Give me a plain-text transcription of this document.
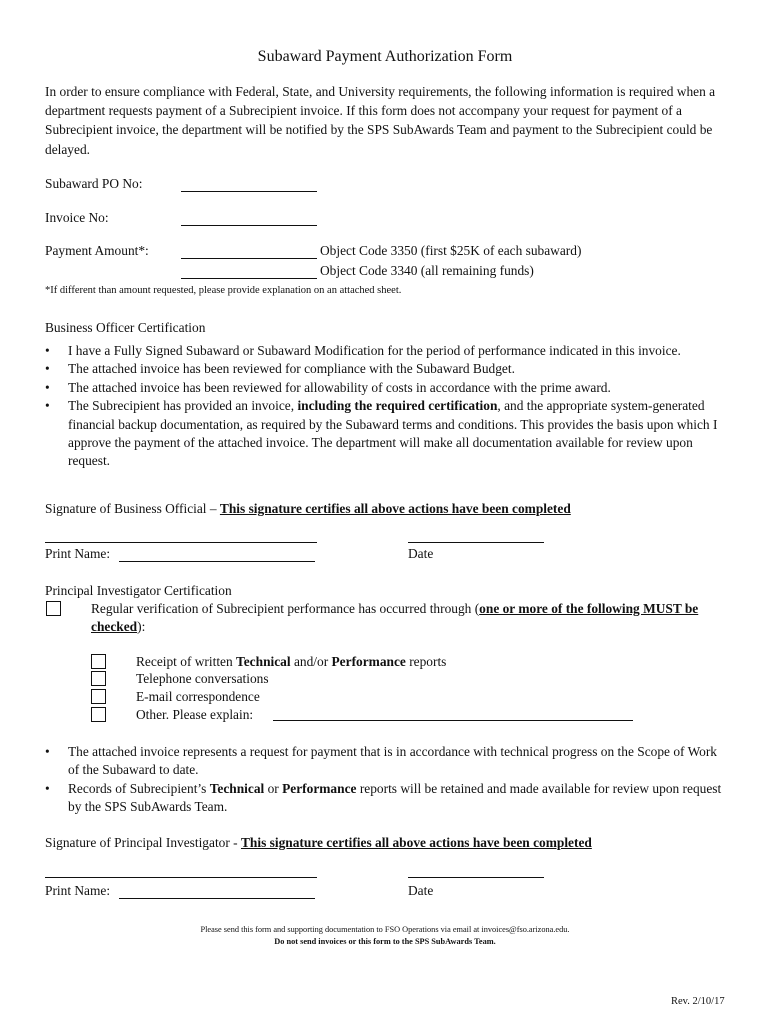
Subaward Payment Authorization Form
In order to ensure compliance with Federal, State, and University requirements, the following information is required when a department requests payment of a Subrecipient invoice. If this form does not accompany your request for payment of a Subrecipient invoice, the department will be notified by the SPS SubAwards Team and payment to the Subrecipient could be delayed.
Subaward PO No:
Invoice No:
Payment Amount*:	Object Code 3350 (first $25K of each subaward)
Object Code 3340 (all remaining funds)
*If different than amount requested, please provide explanation on an attached sheet.
Business Officer Certification
• I have a Fully Signed Subaward or Subaward Modification for the period of performance indicated in this invoice.
• The attached invoice has been reviewed for compliance with the Subaward Budget.
• The attached invoice has been reviewed for allowability of costs in accordance with the prime award.
• The Subrecipient has provided an invoice, including the required certification, and the appropriate system-generated financial backup documentation, as required by the Subaward terms and conditions. This provides the basis upon which I approve the payment of the attached invoice. The department will make all documentation available for review upon request.
Signature of Business Official – This signature certifies all above actions have been completed
Print Name:	Date
Principal Investigator Certification
Regular verification of Subrecipient performance has occurred through (one or more of the following MUST be checked):
Receipt of written Technical and/or Performance reports
Telephone conversations
E-mail correspondence
Other. Please explain:
• The attached invoice represents a request for payment that is in accordance with technical progress on the Scope of Work of the Subaward to date.
• Records of Subrecipient’s Technical or Performance reports will be retained and made available for review upon request by the SPS SubAwards Team.
Signature of Principal Investigator - This signature certifies all above actions have been completed
Print Name:	Date
Please send this form and supporting documentation to FSO Operations via email at invoices@fso.arizona.edu.
Do not send invoices or this form to the SPS SubAwards Team.
Rev. 2/10/17
